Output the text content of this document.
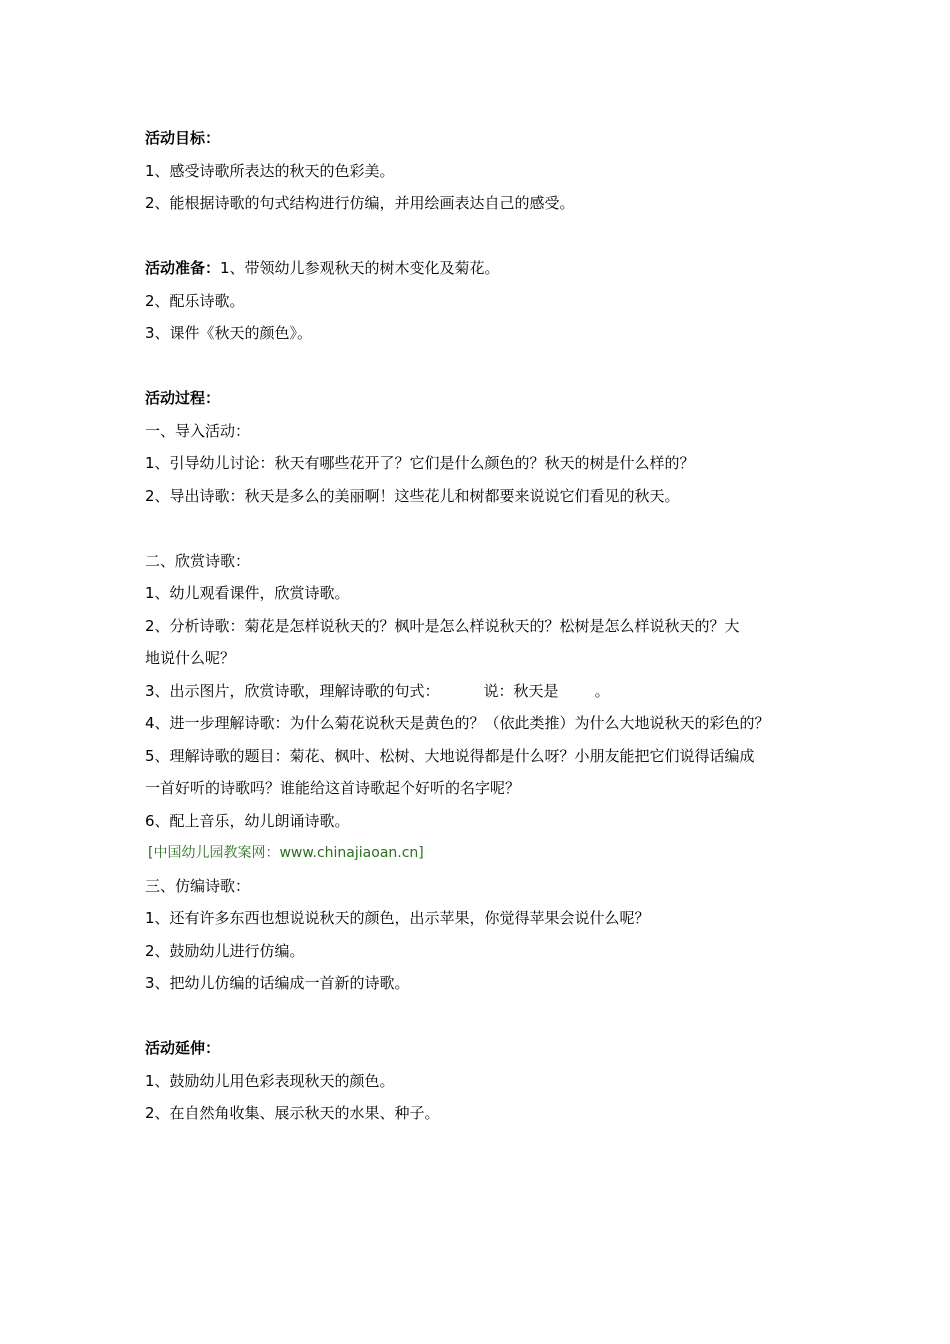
活动目标：
1、感受诗歌所表达的秋天的色彩美。
2、能根据诗歌的句式结构进行仿编，并用绘画表达自己的感受。
活动准备：1、带领幼儿参观秋天的树木变化及菊花。
2、配乐诗歌。
3、课件《秋天的颜色》。
活动过程：
一、导入活动：
1、引导幼儿讨论：秋天有哪些花开了？它们是什么颜色的？秋天的树是什么样的？
2、导出诗歌：秋天是多么的美丽啊！这些花儿和树都要来说说它们看见的秋天。
二、欣赏诗歌：
1、幼儿观看课件，欣赏诗歌。
2、分析诗歌：菊花是怎样说秋天的？枫叶是怎么样说秋天的？松树是怎么样说秋天的？大
地说什么呢？
3、出示图片，欣赏诗歌，理解诗歌的句式：	说：秋天是 。
4、进一步理解诗歌：为什么菊花说秋天是黄色的？（依此类推）为什么大地说秋天的彩色的？
5、理解诗歌的题目：菊花、枫叶、松树、大地说得都是什么呀？小朋友能把它们说得话编成
一首好听的诗歌吗？谁能给这首诗歌起个好听的名字呢？
6、配上音乐，幼儿朗诵诗歌。
[中国幼儿园教案网：www.chinajiaoan.cn]
三、仿编诗歌：
1、还有许多东西也想说说秋天的颜色，出示苹果，你觉得苹果会说什么呢？
2、鼓励幼儿进行仿编。
3、把幼儿仿编的话编成一首新的诗歌。
活动延伸：
1、鼓励幼儿用色彩表现秋天的颜色。
2、在自然角收集、展示秋天的水果、种子。
